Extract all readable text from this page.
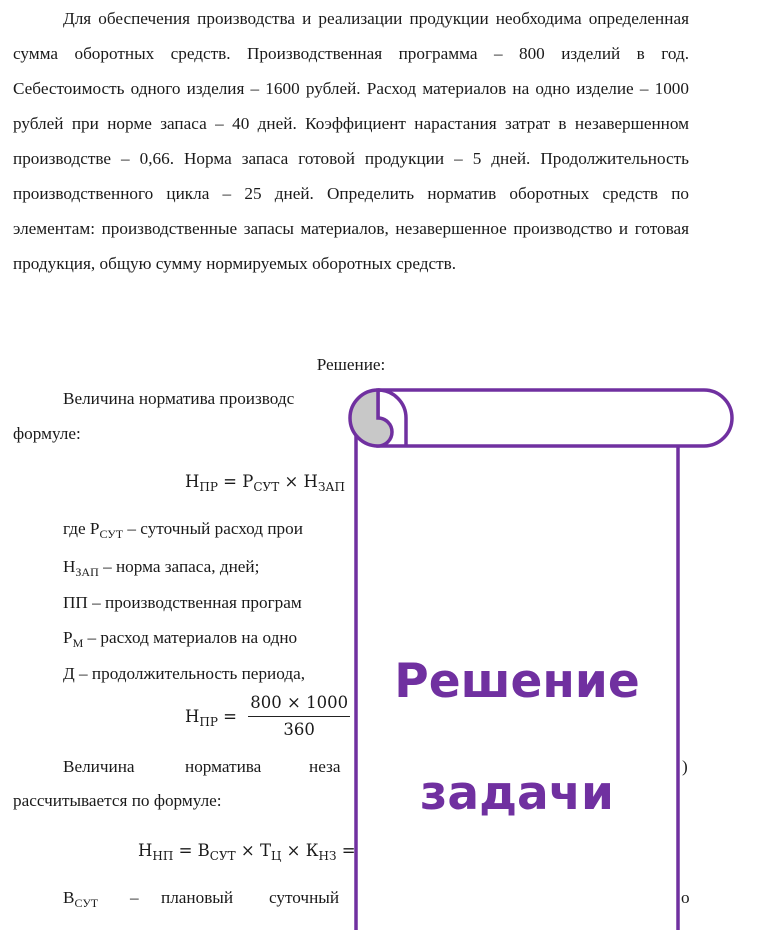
Для обеспечения производства и реализации продукции необходима определенная сумма оборотных средств. Производственная программа – 800 изделий в год. Себестоимость одного изделия – 1600 рублей. Расход материалов на одно изделие – 1000 рублей при норме запаса – 40 дней. Коэффициент нарастания затрат в незавершенном производстве – 0,66. Норма запаса готовой продукции – 5 дней. Продолжительность производственного цикла – 25 дней. Определить норматив оборотных средств по элементам: производственные запасы материалов, незавершенное производство и готовая продукция, общую сумму нормируемых оборотных средств.

Решение:
Величина норматива производс
формуле:
$Н_{ПР} = Р_{СУТ} \times Н_{ЗАП}$
где $Р_{СУТ}$ – суточный расход прои
$Н_{ЗАП}$ – норма запаса, дней;
ПП – производственная програм
$Р_М$ – расход материалов на одно
Д – продолжительность периода,
$Н_{ПР} = \frac{800 \times 1000}{360}$
Величина	норматива	неза	)
рассчитывается по формуле:
$Н_{НП} = В_{СУТ} \times Т_Ц \times К_{НЗ}$ =
$В_{СУТ}$ – плановый суточный	о
Решение
задачи
